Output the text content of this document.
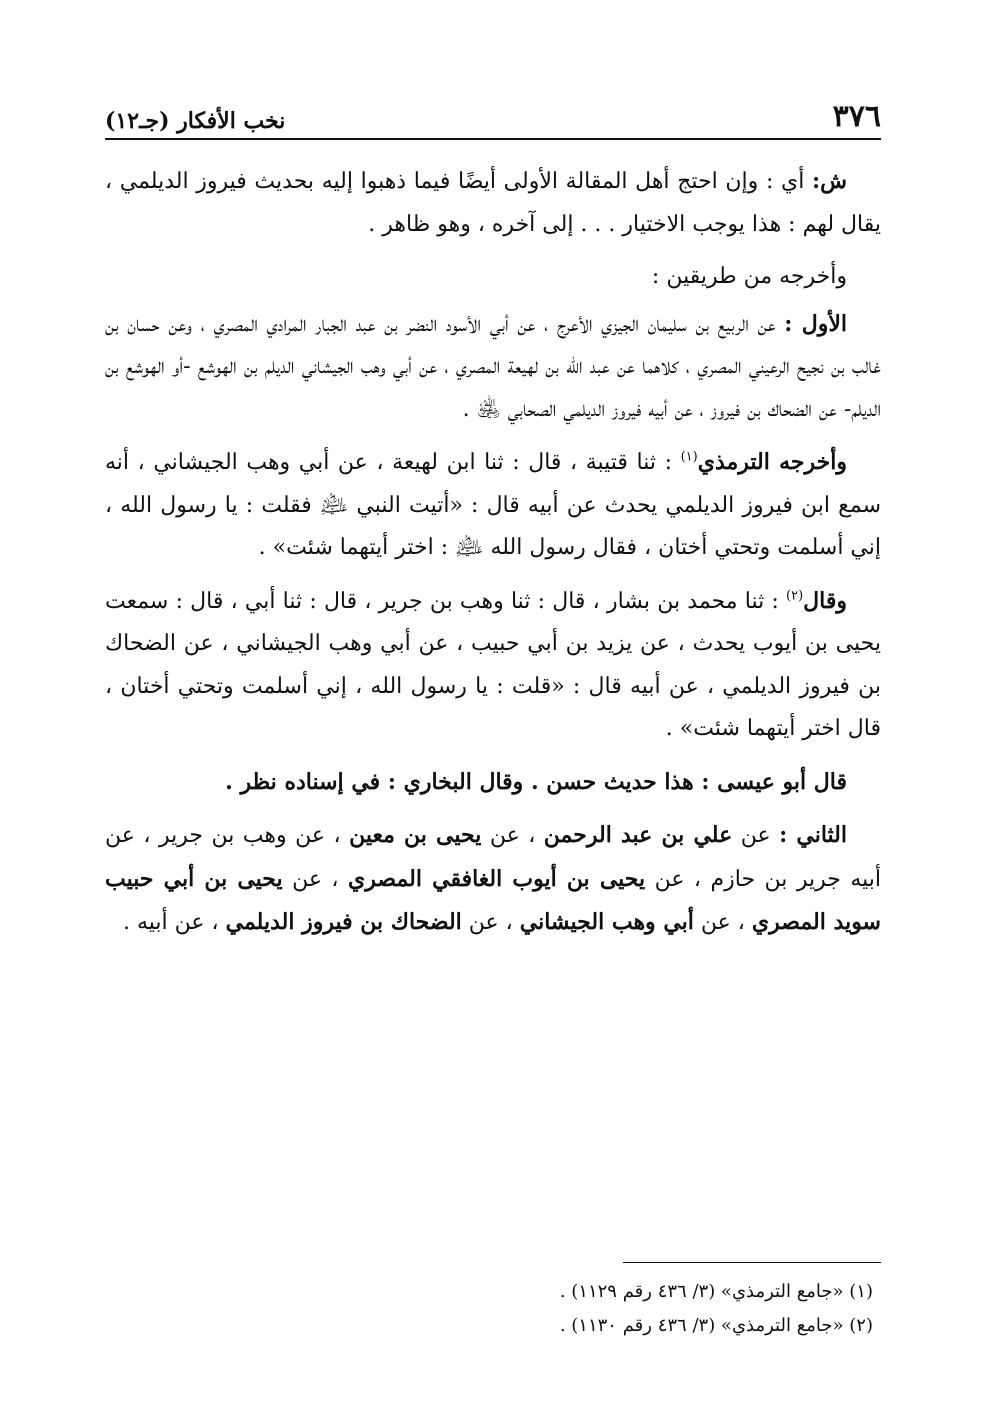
٣٧٦
نخب الأفكار (جـ١٢)

ش: أي : وإن احتج أهل المقالة الأولى أيضًا فيما ذهبوا إليه بحديث فيروز الديلمي ، يقال لهم : هذا يوجب الاختيار . . . إلى آخره ، وهو ظاهر .

وأخرجه من طريقين :

الأول : عن الربيع بن سليمان الجيزي الأعرج ، عن أبي الأسود النضر بن عبد الجبار المرادي المصري ، وعن حسان بن غالب بن نجيح الرعيني المصري ، كلاهما عن عبد الله بن لهيعة المصري ، عن أبي وهب الجيشاني الديلم بن الهوشع -أو الهوشع بن الديلم- عن الضحاك بن فيروز ، عن أبيه فيروز الديلمي الصحابي ﵁ .

وأخرجه الترمذي$^{(١)}$ : ثنا قتيبة ، قال : ثنا ابن لهيعة ، عن أبي وهب الجيشاني ، أنه سمع ابن فيروز الديلمي يحدث عن أبيه قال : «أتيت النبي ﵇ فقلت : يا رسول الله ، إني أسلمت وتحتي أختان ، فقال رسول الله ﵇ : اختر أيتهما شئت» .

وقال$^{(٢)}$ : ثنا محمد بن بشار ، قال : ثنا وهب بن جرير ، قال : ثنا أبي ، قال : سمعت يحيى بن أيوب يحدث ، عن يزيد بن أبي حبيب ، عن أبي وهب الجيشاني ، عن الضحاك بن فيروز الديلمي ، عن أبيه قال : «قلت : يا رسول الله ، إني أسلمت وتحتي أختان ، قال اختر أيتهما شئت» .

قال أبو عيسى : هذا حديث حسن . وقال البخاري : في إسناده نظر .

الثاني : عن علي بن عبد الرحمن ، عن يحيى بن معين ، عن وهب بن جرير ، عن أبيه جرير بن حازم ، عن يحيى بن أيوب الغافقي المصري ، عن يحيى بن أبي حبيب سويد المصري ، عن أبي وهب الجيشاني ، عن الضحاك بن فيروز الديلمي ، عن أبيه .

(١) «جامع الترمذي» (٣/ ٤٣٦ رقم ١١٢٩) .

(٢) «جامع الترمذي» (٣/ ٤٣٦ رقم ١١٣٠) .
